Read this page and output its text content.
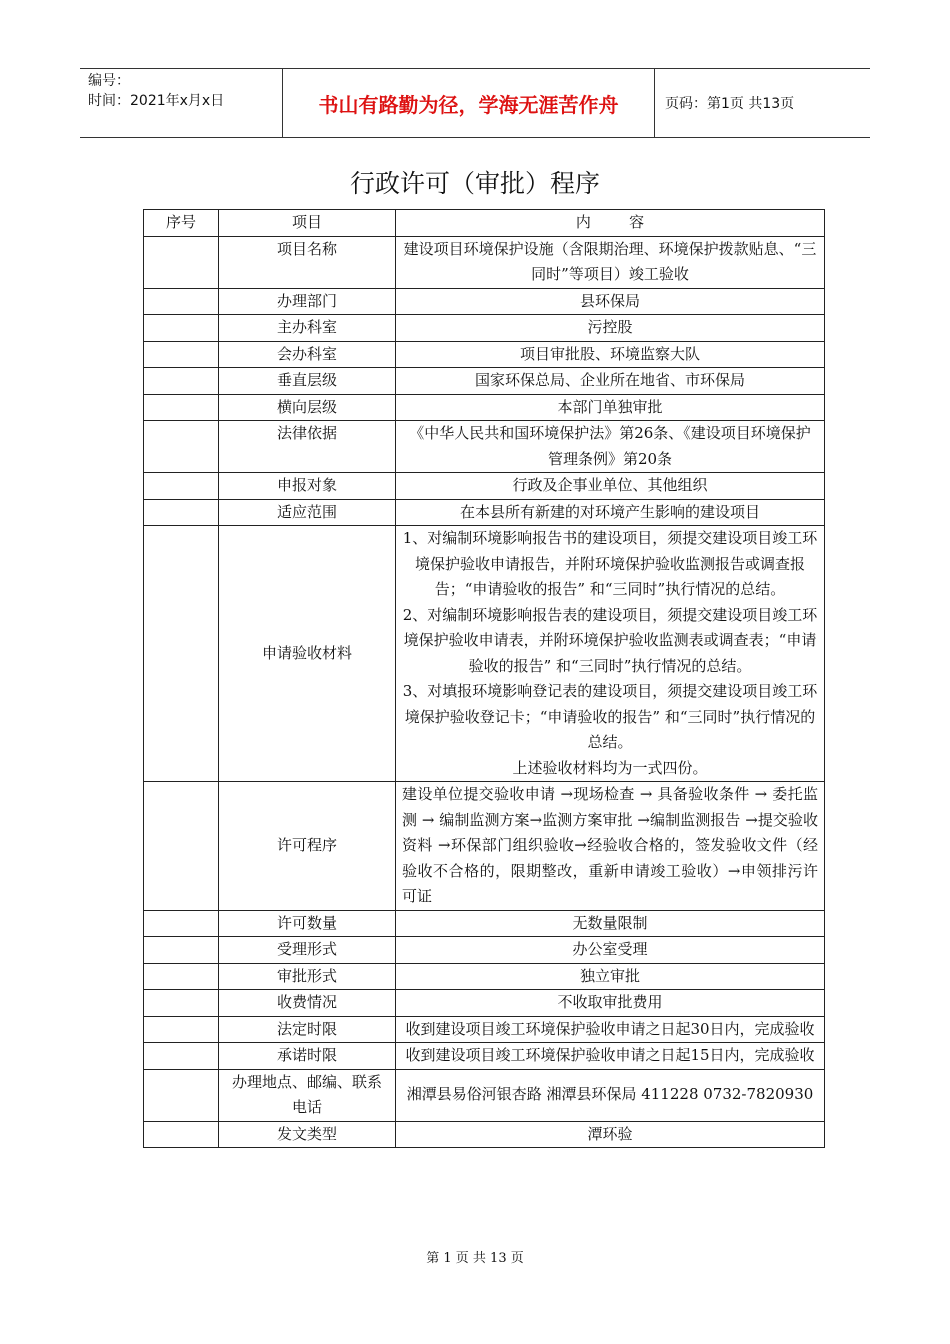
编号：
时间：2021年x月x日	书山有路勤为径，学海无涯苦作舟	页码：第1页 共13页
行政许可（审批）程序
序号	项目	内        容
	项目名称	建设项目环境保护设施（含限期治理、环境保护拨款贴息、“三同时”等项目）竣工验收
	办理部门	县环保局
	主办科室	污控股
	会办科室	项目审批股、环境监察大队
	垂直层级	国家环保总局、企业所在地省、市环保局
	横向层级	本部门单独审批
	法律依据	《中华人民共和国环境保护法》第26条、《建设项目环境保护管理条例》第20条
	申报对象	行政及企事业单位、其他组织
	适应范围	在本县所有新建的对环境产生影响的建设项目
	申请验收材料	1、对编制环境影响报告书的建设项目，须提交建设项目竣工环境保护验收申请报告，并附环境保护验收监测报告或调查报告；“申请验收的报告” 和“三同时”执行情况的总结。
2、对编制环境影响报告表的建设项目，须提交建设项目竣工环境保护验收申请表，并附环境保护验收监测表或调查表；“申请验收的报告” 和“三同时”执行情况的总结。
3、对填报环境影响登记表的建设项目，须提交建设项目竣工环境保护验收登记卡；“申请验收的报告” 和“三同时”执行情况的总结。
上述验收材料均为一式四份。

	许可程序	建设单位提交验收申请 →现场检查 → 具备验收条件 → 委托监测 → 编制监测方案→监测方案审批 →编制监测报告 →提交验收资料 →环保部门组织验收→经验收合格的，签发验收文件（经验收不合格的，限期整改，重新申请竣工验收）→申领排污许可证
	许可数量	无数量限制
	受理形式	办公室受理
	审批形式	独立审批
	收费情况	不收取审批费用
	法定时限	收到建设项目竣工环境保护验收申请之日起30日内，完成验收
	承诺时限	收到建设项目竣工环境保护验收申请之日起15日内，完成验收
	办理地点、邮编、联系电话	湘潭县易俗河银杏路 湘潭县环保局 411228 0732-7820930
	发文类型	潭环验
第 1 页 共 13 页
